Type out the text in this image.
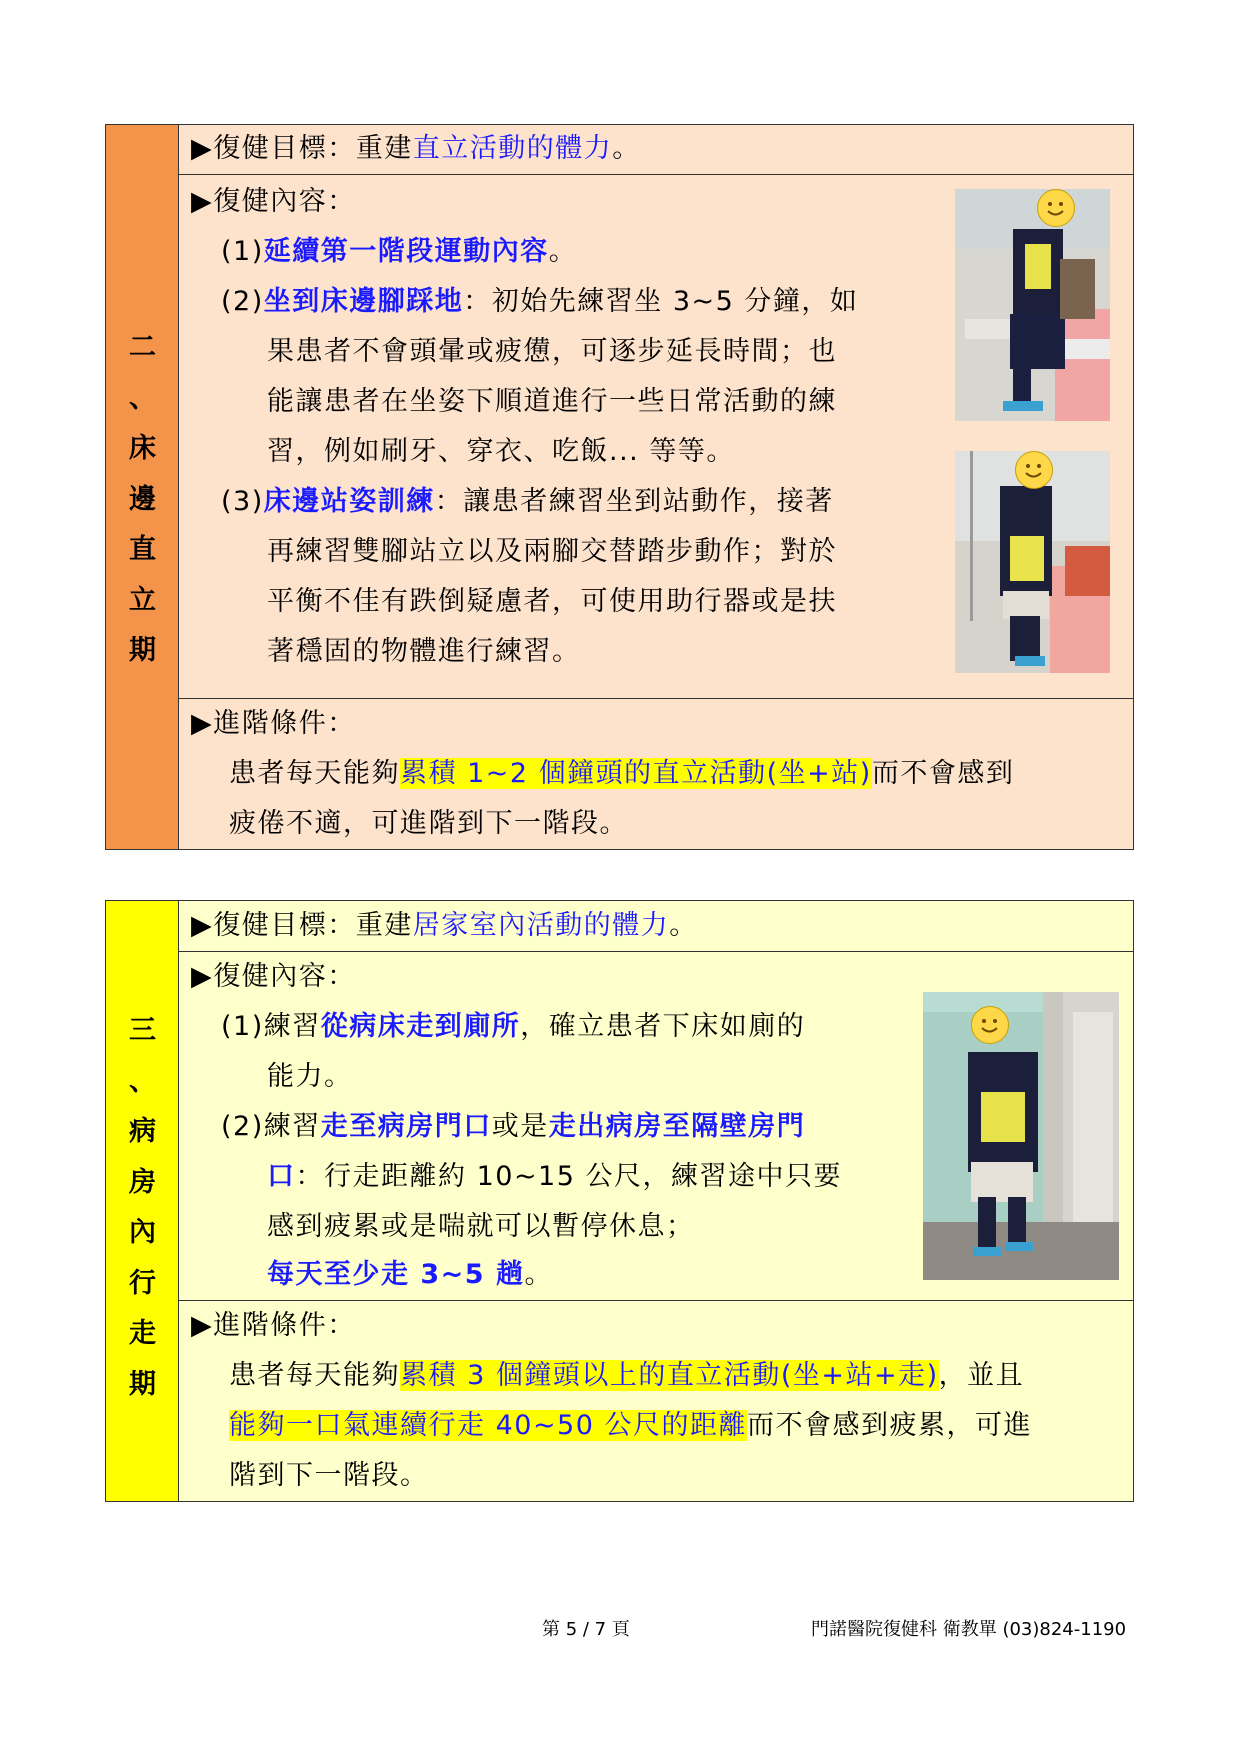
二
、
床
邊
直
立
期
▶復健目標：重建直立活動的體力。
▶復健內容：
(1)延續第一階段運動內容。
(2)坐到床邊腳踩地：初始先練習坐 3~5 分鐘，如
果患者不會頭暈或疲憊，可逐步延長時間；也
能讓患者在坐姿下順道進行一些日常活動的練
習，例如刷牙、穿衣、吃飯... 等等。
(3)床邊站姿訓練：讓患者練習坐到站動作，接著
再練習雙腳站立以及兩腳交替踏步動作；對於
平衡不佳有跌倒疑慮者，可使用助行器或是扶
著穩固的物體進行練習。
▶進階條件：
患者每天能夠累積 1~2 個鐘頭的直立活動(坐+站)而不會感到
疲倦不適，可進階到下一階段。
三
、
病
房
內
行
走
期
▶復健目標：重建居家室內活動的體力。
▶復健內容：
(1)練習從病床走到廁所，確立患者下床如廁的
能力。
(2)練習走至病房門口或是走出病房至隔壁房門
口：行走距離約 10~15 公尺，練習途中只要
感到疲累或是喘就可以暫停休息；
每天至少走 3~5 趟。
▶進階條件：
患者每天能夠累積 3 個鐘頭以上的直立活動(坐+站+走)，並且
能夠一口氣連續行走 40~50 公尺的距離而不會感到疲累，可進
階到下一階段。
第 5 / 7 頁	門諾醫院復健科 衛教單 (03)824-1190
